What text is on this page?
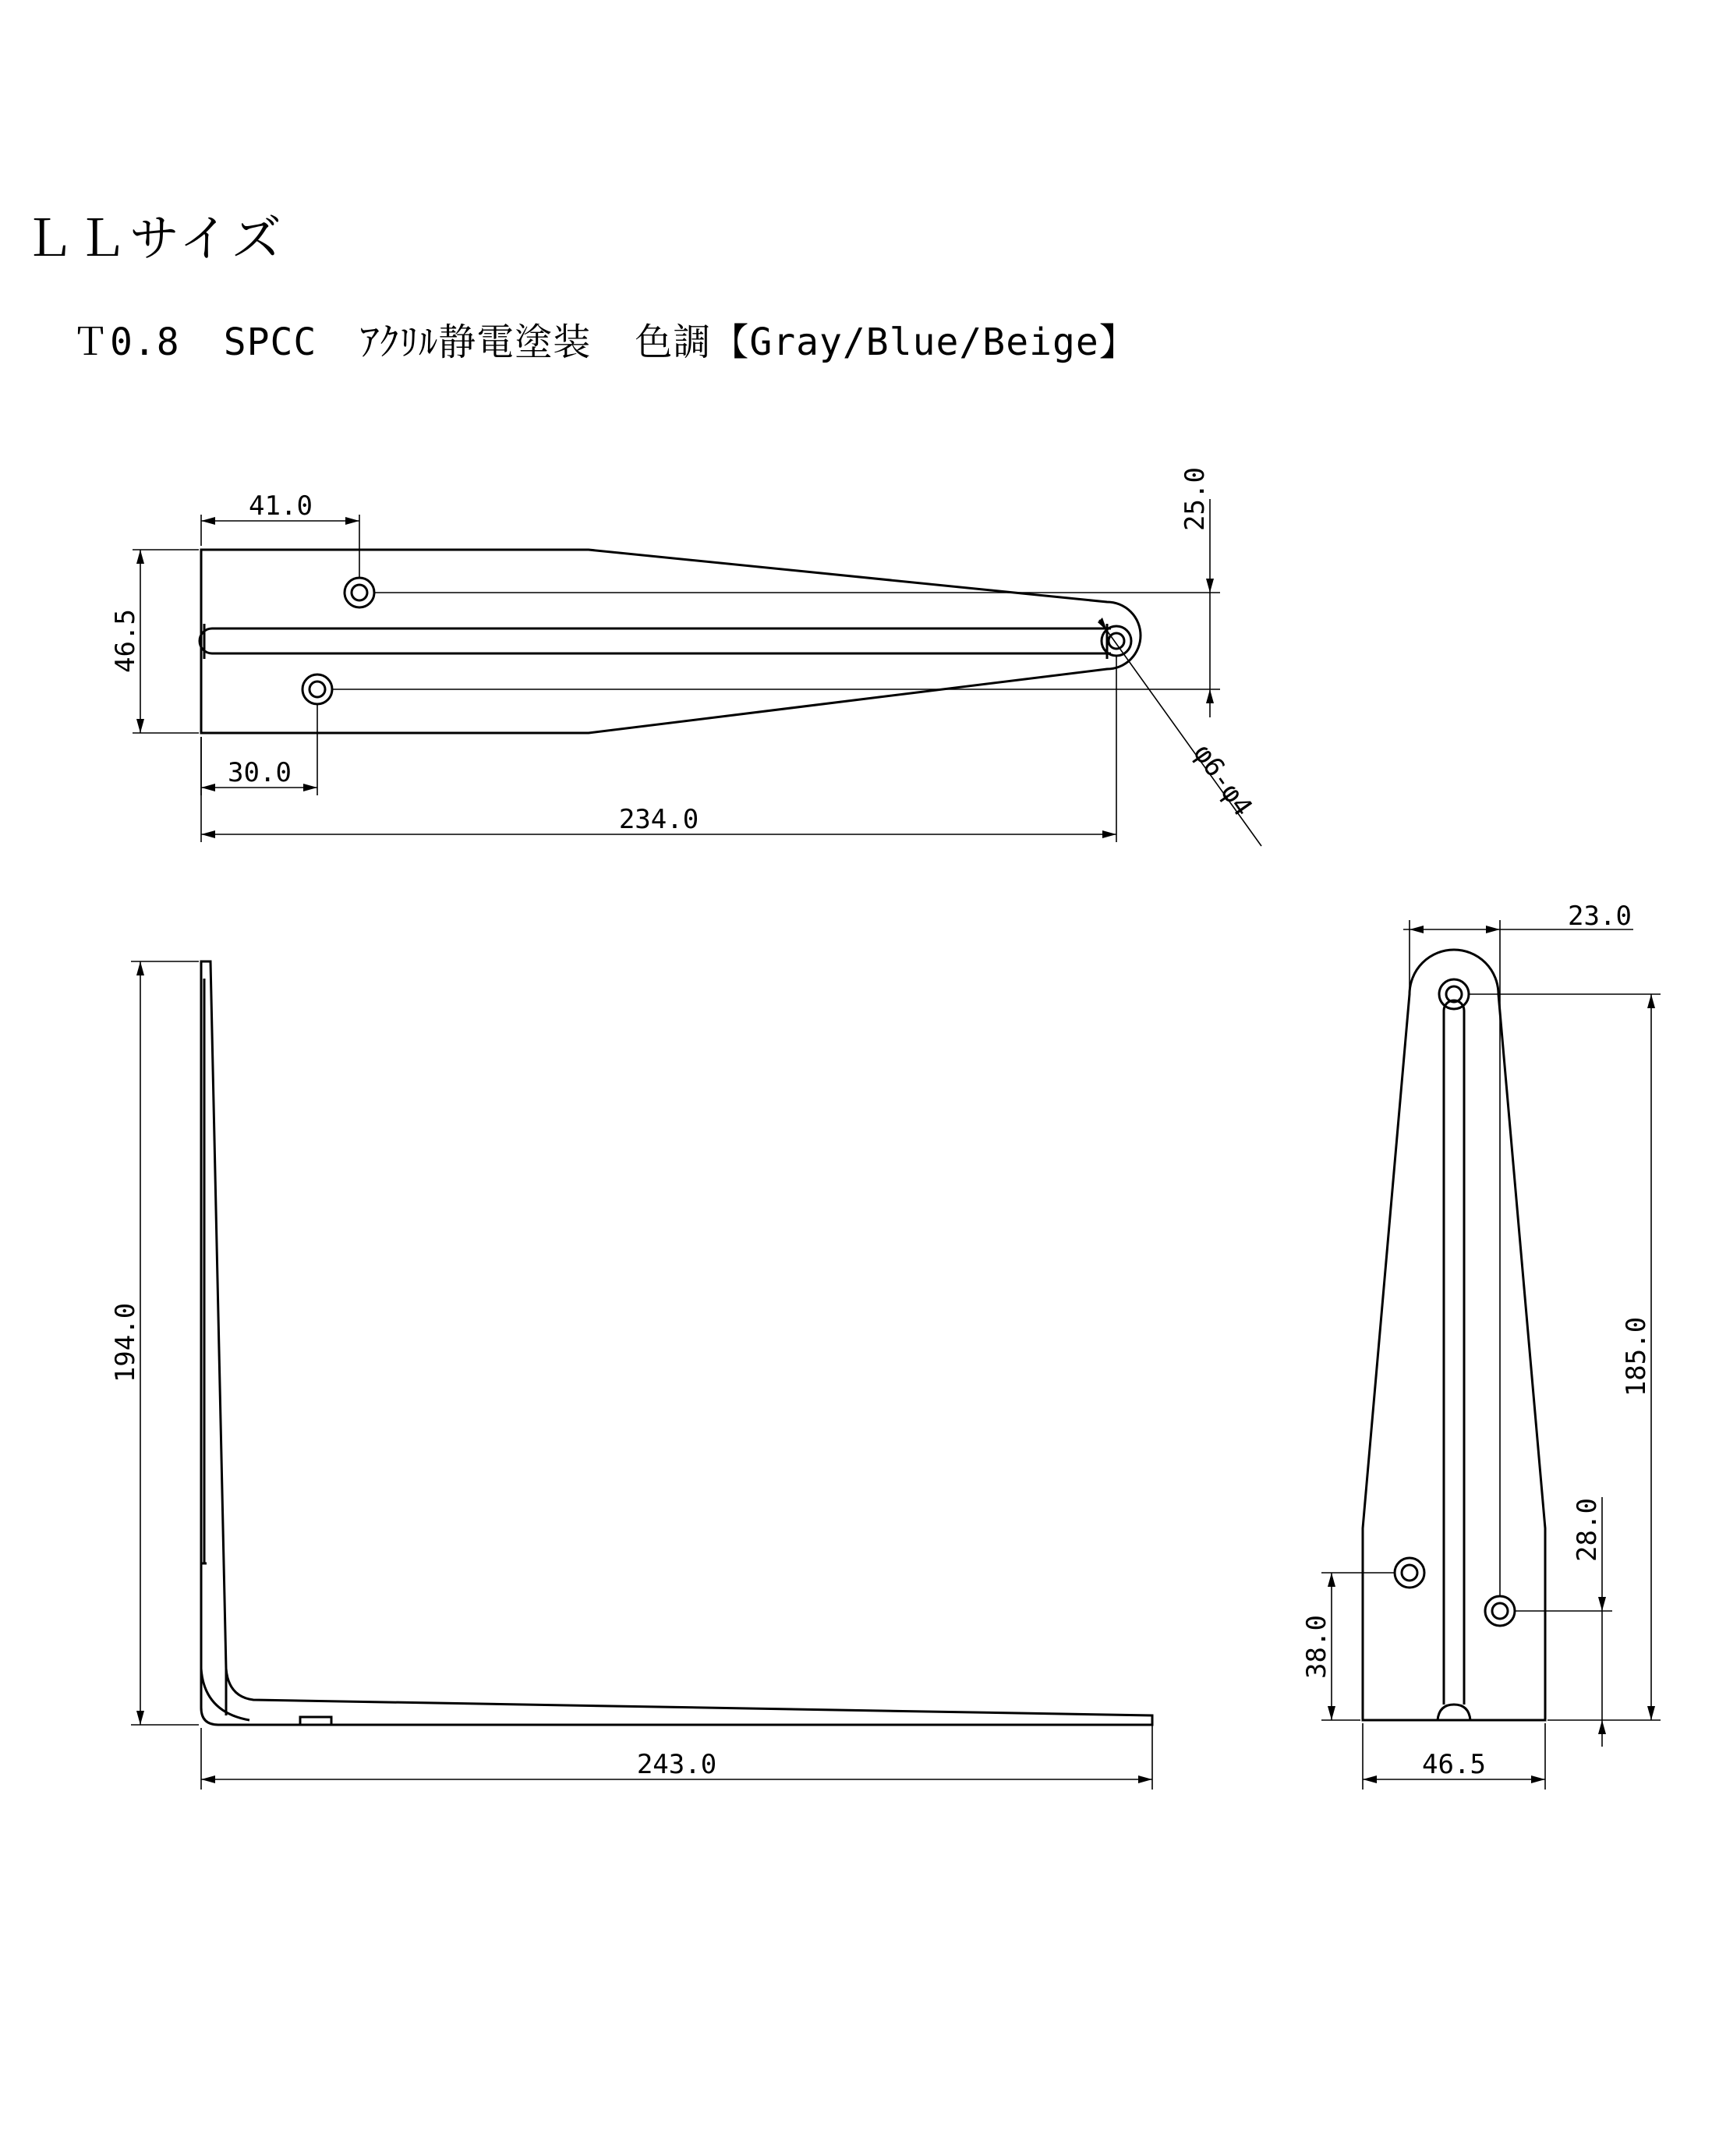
ＬＬサイズ
Ｔ0.8 SPCC ｱｸﾘﾙ静電塗装 色調【Gray/Blue/Beige】
41.0
30.0
46.5
25.0
234.0	φ6-φ4
194.0
243.0
23.0
185.0
28.0
38.0
46.5
